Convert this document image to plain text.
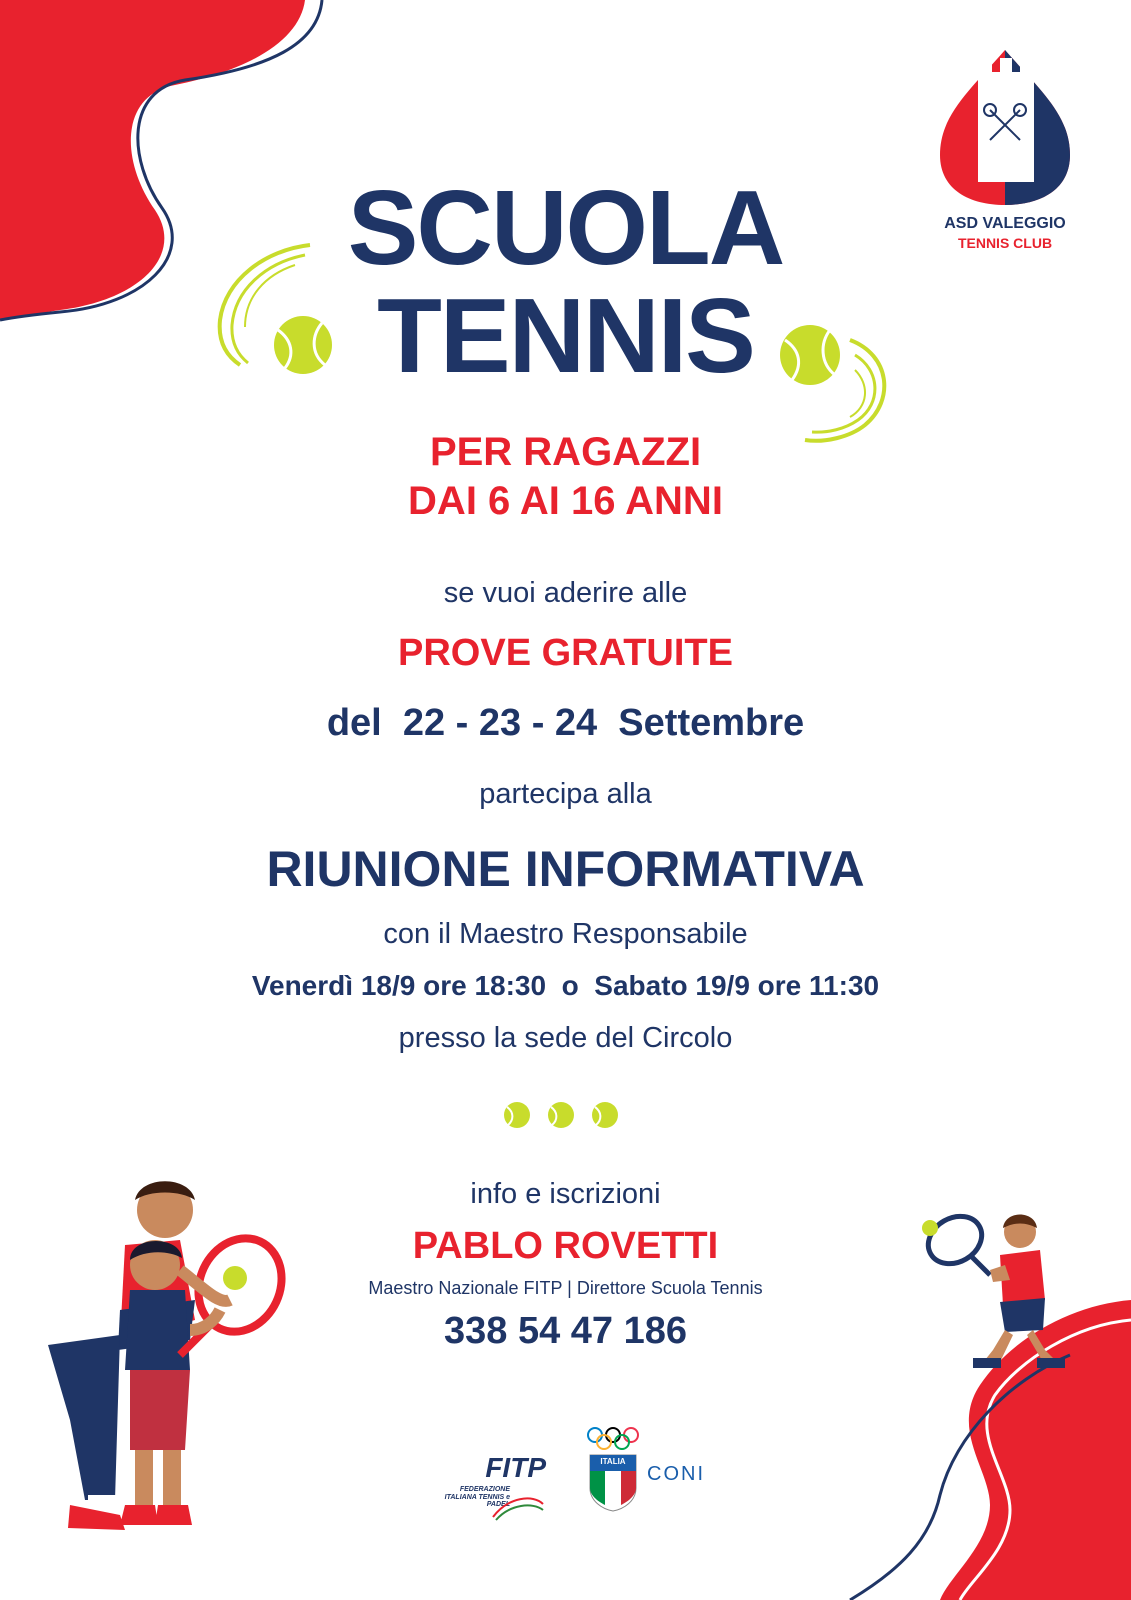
ASD VALEGGIO
TENNIS CLUB
SCUOLA
TENNIS
PER RAGAZZI
DAI 6 AI 16 ANNI
se vuoi aderire alle
PROVE GRATUITE
del  22 - 23 - 24  Settembre
partecipa alla
RIUNIONE INFORMATIVA
con il Maestro Responsabile
Venerdì 18/9 ore 18:30  o  Sabato 19/9 ore 11:30
presso la sede del Circolo
info e iscrizioni
PABLO ROVETTI
Maestro Nazionale FITP | Direttore Scuola Tennis
338 54 47 186
FITP
FEDERAZIONE ITALIANA TENNIS e PADEL
ITALIA
CONI
